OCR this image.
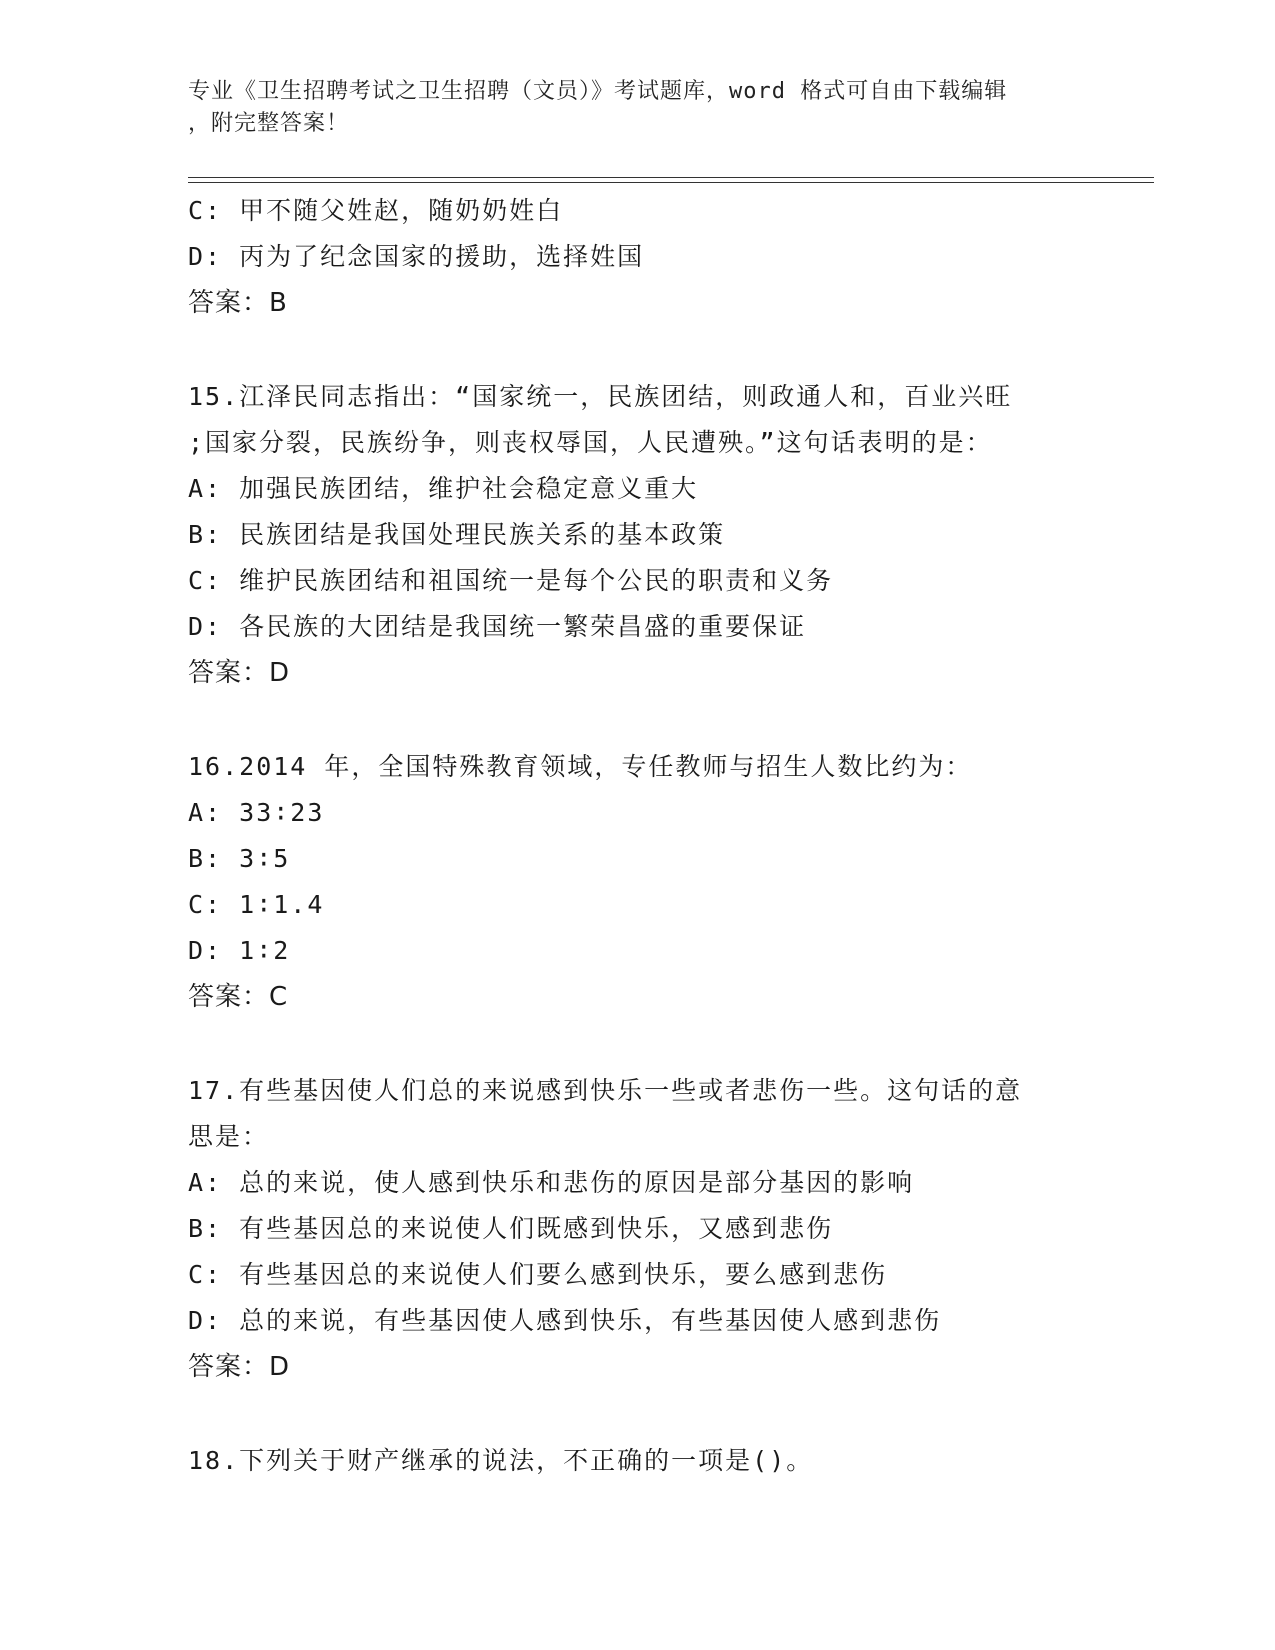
专业《卫生招聘考试之卫生招聘（文员）》考试题库，word 格式可自由下载编辑
，附完整答案！
C: 甲不随父姓赵，随奶奶姓白
D: 丙为了纪念国家的援助，选择姓国
答案：B
15.江泽民同志指出：“国家统一，民族团结，则政通人和，百业兴旺
;国家分裂，民族纷争，则丧权辱国，人民遭殃。”这句话表明的是：
A: 加强民族团结，维护社会稳定意义重大
B: 民族团结是我国处理民族关系的基本政策
C: 维护民族团结和祖国统一是每个公民的职责和义务
D: 各民族的大团结是我国统一繁荣昌盛的重要保证
答案：D
16.2014 年，全国特殊教育领域，专任教师与招生人数比约为：
A: 33∶23
B: 3∶5
C: 1∶1.4
D: 1∶2
答案：C
17.有些基因使人们总的来说感到快乐一些或者悲伤一些。这句话的意
思是：
A: 总的来说，使人感到快乐和悲伤的原因是部分基因的影响
B: 有些基因总的来说使人们既感到快乐，又感到悲伤
C: 有些基因总的来说使人们要么感到快乐，要么感到悲伤
D: 总的来说，有些基因使人感到快乐，有些基因使人感到悲伤
答案：D
18.下列关于财产继承的说法，不正确的一项是()。
